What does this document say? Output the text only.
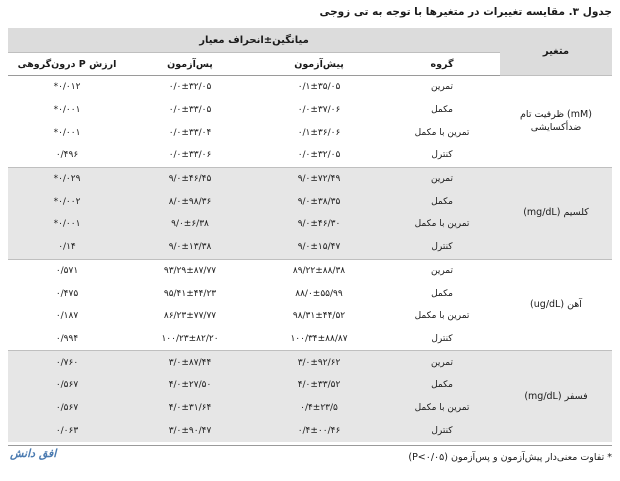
جدول ۳. مقایسه تغییرات در متغیرها با توجه به تی زوجی
متغیر	میانگین±انحراف معیار			
	گروه	پیش‌آزمون	پس‌آزمون	ارزش P درون‌گروهی
(mM) ظرفیت تام ضدأکسایشی	تمرین	۰/۱±۳۵/۰۵	۰/۰±۳۲/۰۵	۰/۰۱۲*
	مکمل	۰/۰±۳۷/۰۶	۰/۰±۳۳/۰۵	۰/۰۰۱*
	تمرین با مکمل	۰/۱±۳۶/۰۶	۰/۰±۳۳/۰۴	۰/۰۰۱*
	کنترل	۰/۰±۳۲/۰۵	۰/۰±۳۳/۰۶	۰/۴۹۶
کلسیم (mg/dL)	تمرین	۹/۰±۷۲/۴۹	۹/۰±۴۶/۴۵	۰/۰۲۹*
	مکمل	۹/۰±۳۸/۳۵	۸/۰±۹۸/۳۶	۰/۰۰۲*
	تمرین با مکمل	۹/۰±۴۶/۳۰	۹/۰±۶/۳۸	۰/۰۰۱*
	کنترل	۹/۰±۱۵/۴۷	۹/۰±۱۳/۳۸	۰/۱۴
آهن (ug/dL)	تمرین	۸۹/۲۲±۸۸/۳۸	۹۳/۲۹±۸۷/۷۷	۰/۵۷۱
	مکمل	۸۸/۰±۵۵/۹۹	۹۵/۴۱±۴۴/۲۳	۰/۴۷۵
	تمرین با مکمل	۹۸/۳۱±۴۴/۵۲	۸۶/۲۳±۷۷/۷۷	۰/۱۸۷
	کنترل	۱۰۰/۳۴±۸۸/۸۷	۱۰۰/۲۳±۸۲/۲۰	۰/۹۹۴
فسفر (mg/dL)	تمرین	۳/۰±۹۲/۶۲	۳/۰±۸۷/۴۴	۰/۷۶۰
	مکمل	۴/۰±۳۳/۵۲	۴/۰±۲۷/۵۰	۰/۵۶۷
	تمرین با مکمل	۰/۴±۲۳/۵	۴/۰±۳۱/۶۴	۰/۵۶۷
	کنترل	۰/۴±۰۰/۴۶	۳/۰±۹۰/۴۷	۰/۰۶۳
* تفاوت معنی‌دار پیش‌آزمون و پس‌آزمون (P<۰/۰۵)
افق دانش
